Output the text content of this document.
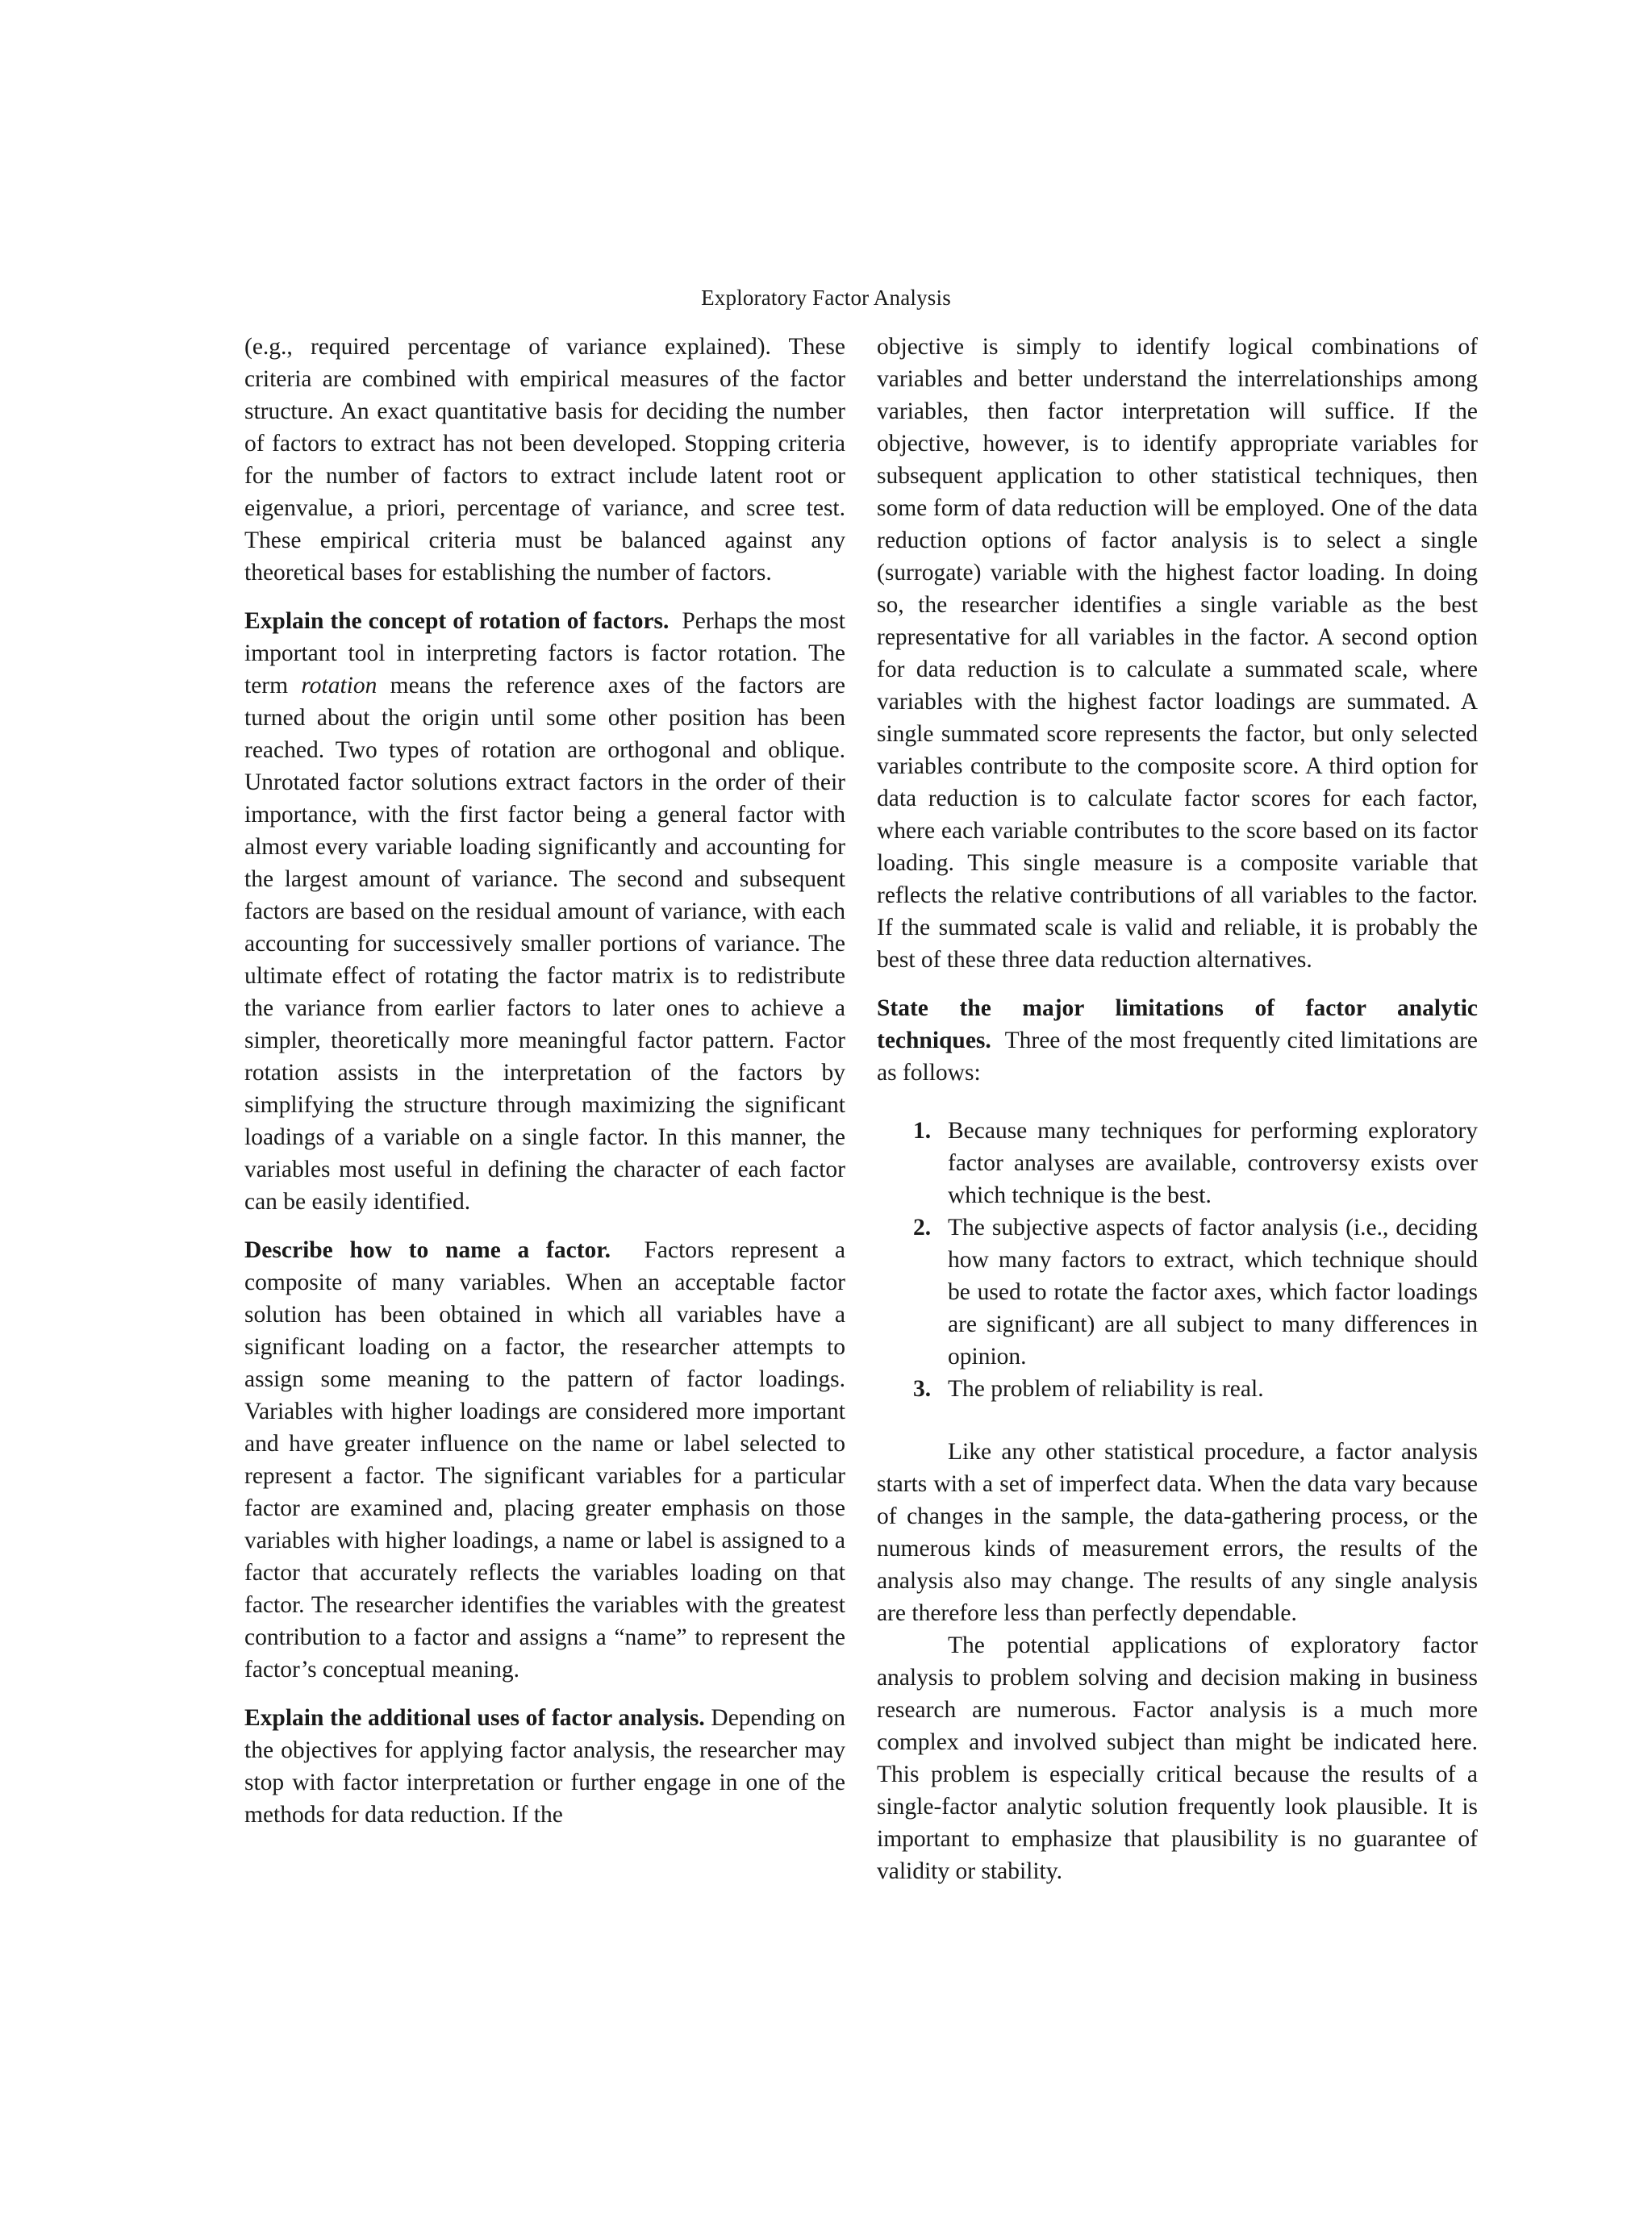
Exploratory Factor Analysis

(e.g., required percentage of variance explained). These criteria are combined with empirical measures of the factor structure. An exact quantitative basis for deciding the number of factors to extract has not been developed. Stopping criteria for the number of factors to extract include latent root or eigenvalue, a priori, percentage of variance, and scree test. These empirical criteria must be balanced against any theoretical bases for establishing the number of factors.

Explain the concept of rotation of factors. Perhaps the most important tool in interpreting factors is factor rotation. The term rotation means the reference axes of the factors are turned about the origin until some other position has been reached. Two types of rotation are orthogonal and oblique. Unrotated factor solutions extract factors in the order of their importance, with the first factor being a general factor with almost every variable loading significantly and accounting for the largest amount of variance. The second and subsequent factors are based on the residual amount of variance, with each accounting for successively smaller portions of variance. The ultimate effect of rotating the factor matrix is to redistribute the variance from earlier factors to later ones to achieve a simpler, theoretically more meaningful factor pattern. Factor rotation assists in the interpretation of the factors by simplifying the structure through maximizing the significant loadings of a variable on a single factor. In this manner, the variables most useful in defining the character of each factor can be easily identified.

Describe how to name a factor. Factors represent a composite of many variables. When an acceptable factor solution has been obtained in which all variables have a significant loading on a factor, the researcher attempts to assign some meaning to the pattern of factor loadings. Variables with higher loadings are considered more important and have greater influence on the name or label selected to represent a factor. The significant variables for a particular factor are examined and, placing greater emphasis on those variables with higher loadings, a name or label is assigned to a factor that accurately reflects the variables loading on that factor. The researcher identifies the variables with the greatest contribution to a factor and assigns a “name” to represent the factor’s conceptual meaning.

Explain the additional uses of factor analysis. Depending on the objectives for applying factor analysis, the researcher may stop with factor interpretation or further engage in one of the methods for data reduction. If the

objective is simply to identify logical combinations of variables and better understand the interrelationships among variables, then factor interpretation will suffice. If the objective, however, is to identify appropriate variables for subsequent application to other statistical techniques, then some form of data reduction will be employed. One of the data reduction options of factor analysis is to select a single (surrogate) variable with the highest factor loading. In doing so, the researcher identifies a single variable as the best representative for all variables in the factor. A second option for data reduction is to calculate a summated scale, where variables with the highest factor loadings are summated. A single summated score represents the factor, but only selected variables contribute to the composite score. A third option for data reduction is to calculate factor scores for each factor, where each variable contributes to the score based on its factor loading. This single measure is a composite variable that reflects the relative contributions of all variables to the factor. If the summated scale is valid and reliable, it is probably the best of these three data reduction alternatives.

State the major limitations of factor analytic techniques. Three of the most frequently cited limitations are as follows:

1. Because many techniques for performing exploratory factor analyses are available, controversy exists over which technique is the best.
2. The subjective aspects of factor analysis (i.e., deciding how many factors to extract, which technique should be used to rotate the factor axes, which factor loadings are significant) are all subject to many differences in opinion.
3. The problem of reliability is real.

Like any other statistical procedure, a factor analysis starts with a set of imperfect data. When the data vary because of changes in the sample, the data-gathering process, or the numerous kinds of measurement errors, the results of the analysis also may change. The results of any single analysis are therefore less than perfectly dependable.

The potential applications of exploratory factor analysis to problem solving and decision making in business research are numerous. Factor analysis is a much more complex and involved subject than might be indicated here. This problem is especially critical because the results of a single-factor analytic solution frequently look plausible. It is important to emphasize that plausibility is no guarantee of validity or stability.
